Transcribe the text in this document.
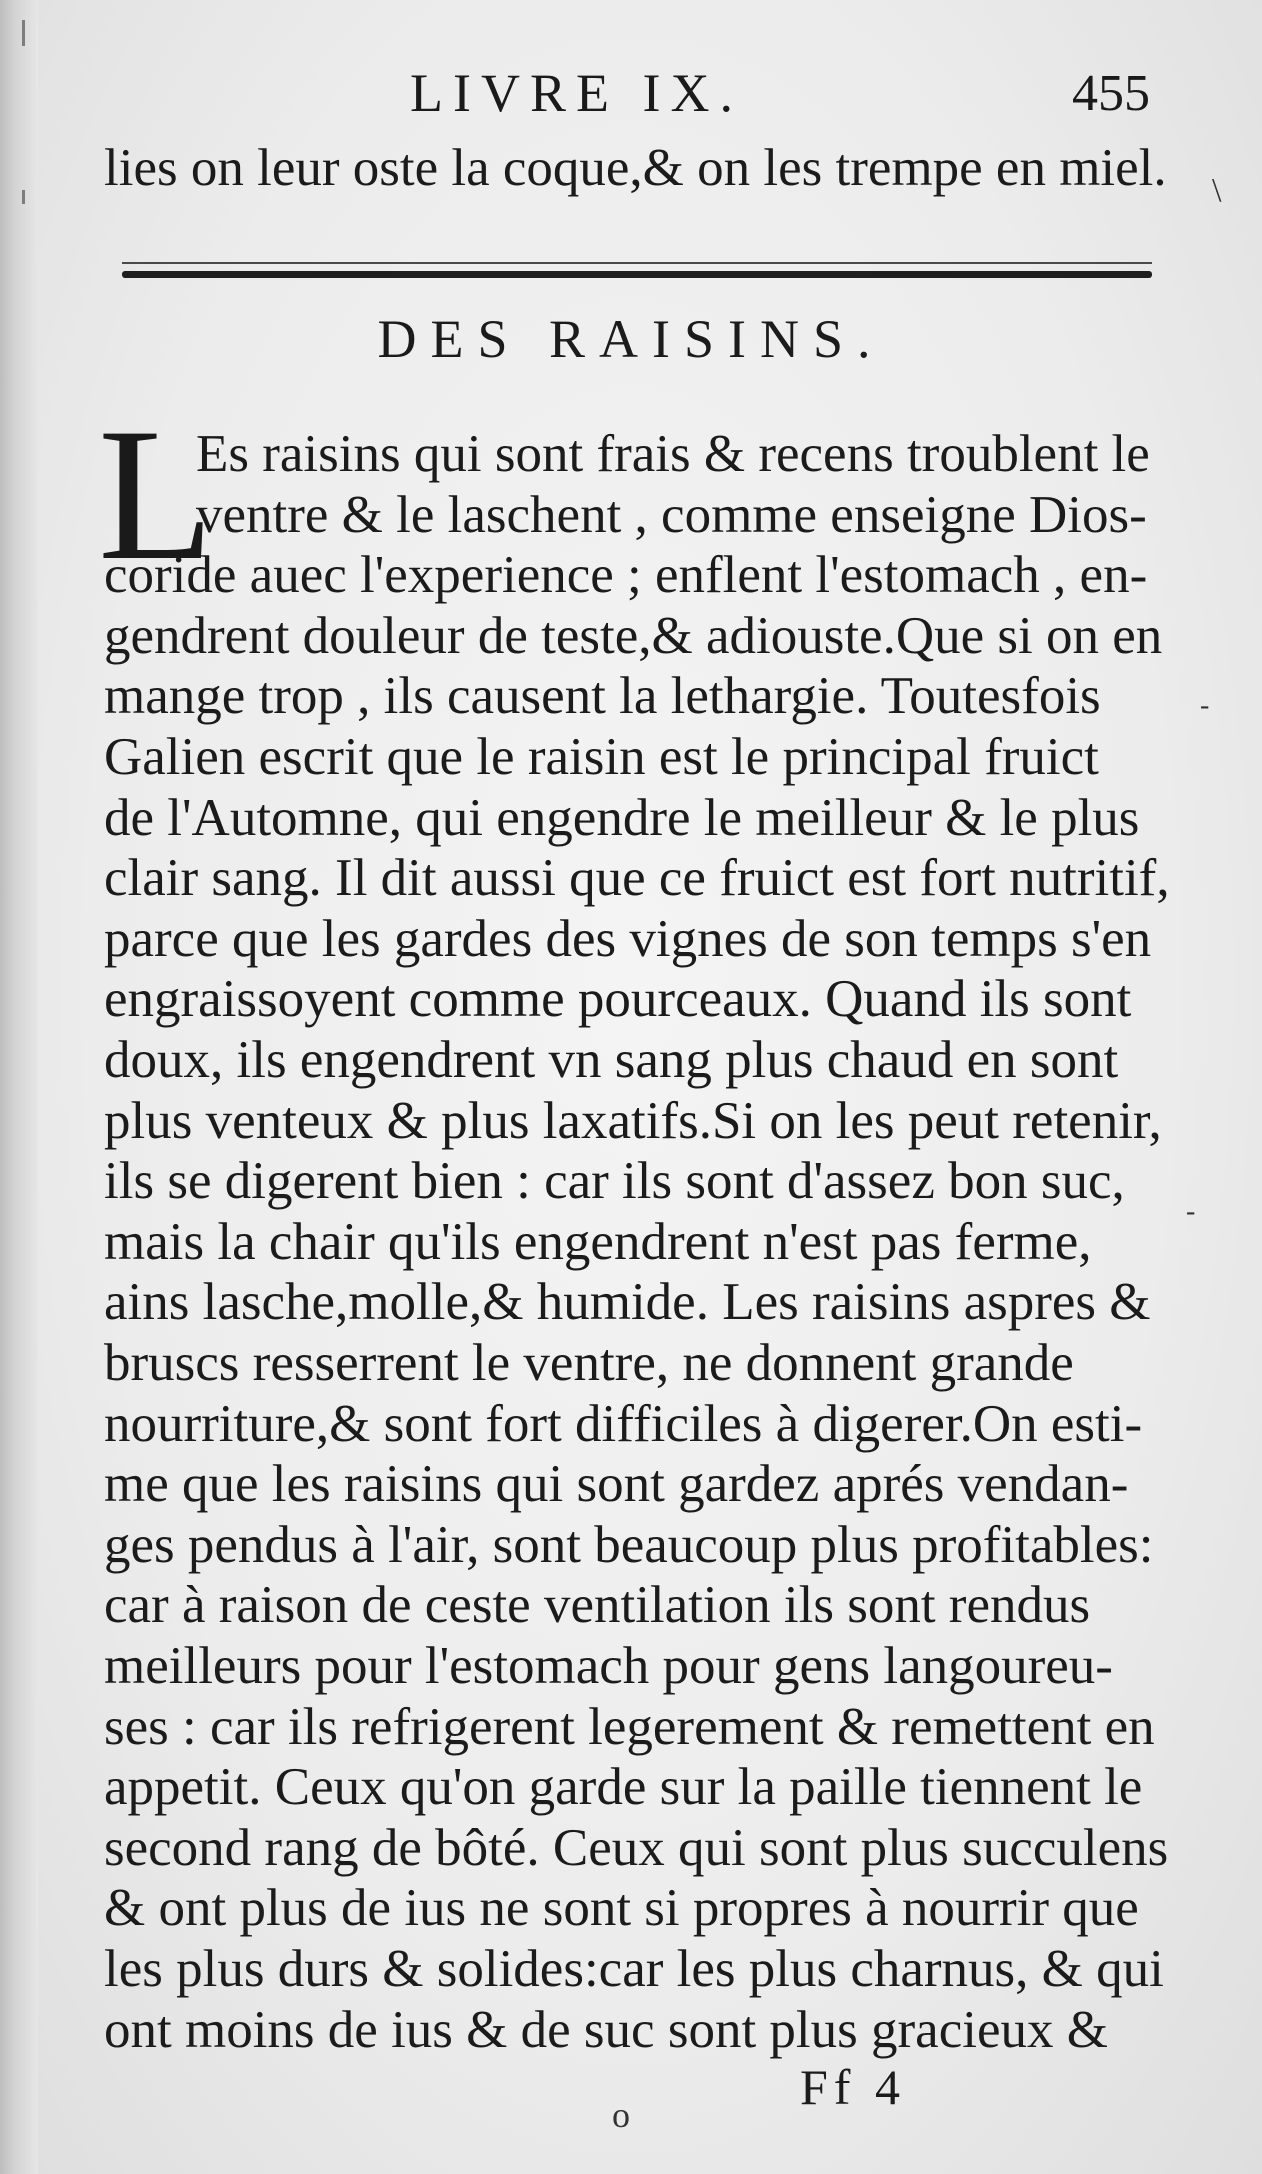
LIVRE IX.	455
lies on leur oste la coque,& on les trempe en miel.
DES RAISINS.
L
Es raisins qui sont frais & recens troublent le
ventre & le laschent , comme enseigne Dios-
coride auec l'experience ; enflent l'estomach , en-
gendrent douleur de teste,& adiouste.Que si on en
mange trop , ils causent la lethargie. Toutesfois
Galien escrit que le raisin est le principal fruict
de l'Automne, qui engendre le meilleur & le plus
clair sang. Il dit aussi que ce fruict est fort nutritif,
parce que les gardes des vignes de son temps s'en
engraissoyent comme pourceaux. Quand ils sont
doux, ils engendrent vn sang plus chaud en sont
plus venteux & plus laxatifs.Si on les peut retenir,
ils se digerent bien : car ils sont d'assez bon suc,
mais la chair qu'ils engendrent n'est pas ferme,
ains lasche,molle,& humide. Les raisins aspres &
bruscs resserrent le ventre, ne donnent grande
nourriture,& sont fort difficiles à digerer.On esti-
me que les raisins qui sont gardez aprés vendan-
ges pendus à l'air, sont beaucoup plus profitables:
car à raison de ceste ventilation ils sont rendus
meilleurs pour l'estomach pour gens langoureu-
ses : car ils refrigerent legerement & remettent en
appetit. Ceux qu'on garde sur la paille tiennent le
second rang de bôté. Ceux qui sont plus succulens
& ont plus de ius ne sont si propres à nourrir que
les plus durs & solides:car les plus charnus, & qui
ont moins de ius & de suc sont plus gracieux &
Ff 4
\
-
-
o
